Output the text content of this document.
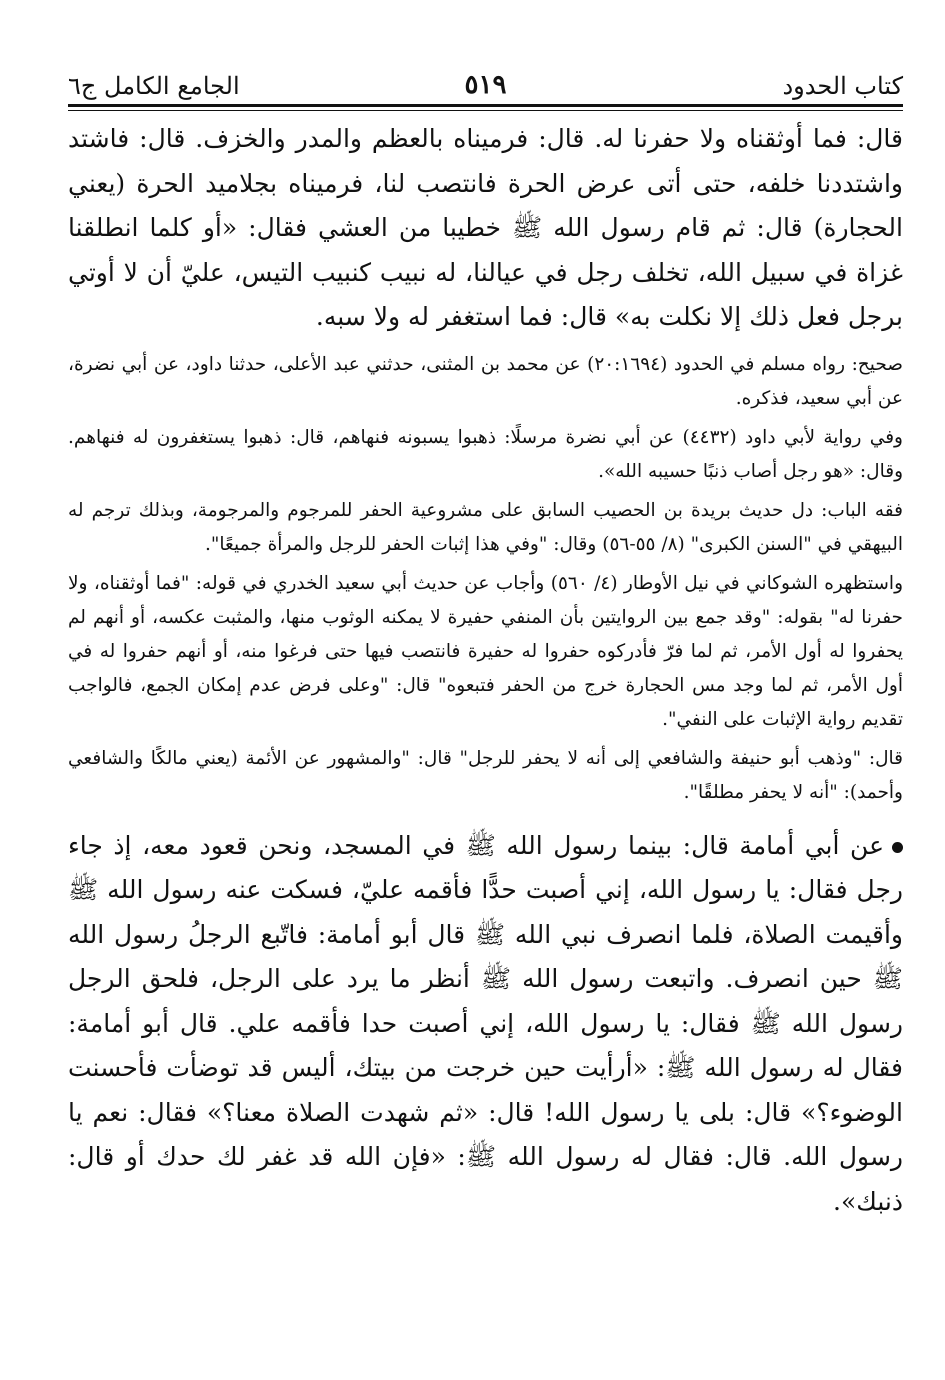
كتاب الحدود
٥١٩
الجامع الكامل ج٦

قال: فما أوثقناه ولا حفرنا له. قال: فرميناه بالعظم والمدر والخزف. قال: فاشتد واشتددنا خلفه، حتى أتى عرض الحرة فانتصب لنا، فرميناه بجلاميد الحرة (يعني الحجارة) قال: ثم قام رسول الله ﷺ خطيبا من العشي فقال: «أو كلما انطلقنا غزاة في سبيل الله، تخلف رجل في عيالنا، له نبيب كنبيب التيس، عليّ أن لا أوتي برجل فعل ذلك إلا نكلت به» قال: فما استغفر له ولا سبه.

صحيح: رواه مسلم في الحدود (٢٠:١٦٩٤) عن محمد بن المثنى، حدثني عبد الأعلى، حدثنا داود، عن أبي نضرة، عن أبي سعيد، فذكره.

وفي رواية لأبي داود (٤٤٣٢) عن أبي نضرة مرسلًا: ذهبوا يسبونه فنهاهم، قال: ذهبوا يستغفرون له فنهاهم. وقال: «هو رجل أصاب ذنبًا حسيبه الله».

فقه الباب: دل حديث بريدة بن الحصيب السابق على مشروعية الحفر للمرجوم والمرجومة، وبذلك ترجم له البيهقي في "السنن الكبرى" (٨/ ٥٥-٥٦) وقال: "وفي هذا إثبات الحفر للرجل والمرأة جميعًا".

واستظهره الشوكاني في نيل الأوطار (٤/ ٥٦٠) وأجاب عن حديث أبي سعيد الخدري في قوله: "فما أوثقناه، ولا حفرنا له" بقوله: "وقد جمع بين الروايتين بأن المنفي حفيرة لا يمكنه الوثوب منها، والمثبت عكسه، أو أنهم لم يحفروا له أول الأمر، ثم لما فرّ فأدركوه حفروا له حفيرة فانتصب فيها حتى فرغوا منه، أو أنهم حفروا له في أول الأمر، ثم لما وجد مس الحجارة خرج من الحفر فتبعوه" قال: "وعلى فرض عدم إمكان الجمع، فالواجب تقديم رواية الإثبات على النفي".

قال: "وذهب أبو حنيفة والشافعي إلى أنه لا يحفر للرجل" قال: "والمشهور عن الأئمة (يعني مالكًا والشافعي وأحمد): "أنه لا يحفر مطلقًا".

عن أبي أمامة قال: بينما رسول الله ﷺ في المسجد، ونحن قعود معه، إذ جاء رجل فقال: يا رسول الله، إني أصبت حدًّا فأقمه عليّ، فسكت عنه رسول الله ﷺ وأقيمت الصلاة، فلما انصرف نبي الله ﷺ قال أبو أمامة: فاتّبع الرجلُ رسول الله ﷺ حين انصرف. واتبعت رسول الله ﷺ أنظر ما يرد على الرجل، فلحق الرجل رسول الله ﷺ فقال: يا رسول الله، إني أصبت حدا فأقمه علي. قال أبو أمامة: فقال له رسول الله ﷺ: «أرأيت حين خرجت من بيتك، أليس قد توضأت فأحسنت الوضوء؟» قال: بلى يا رسول الله! قال: «ثم شهدت الصلاة معنا؟» فقال: نعم يا رسول الله. قال: فقال له رسول الله ﷺ: «فإن الله قد غفر لك حدك أو قال: ذنبك».
